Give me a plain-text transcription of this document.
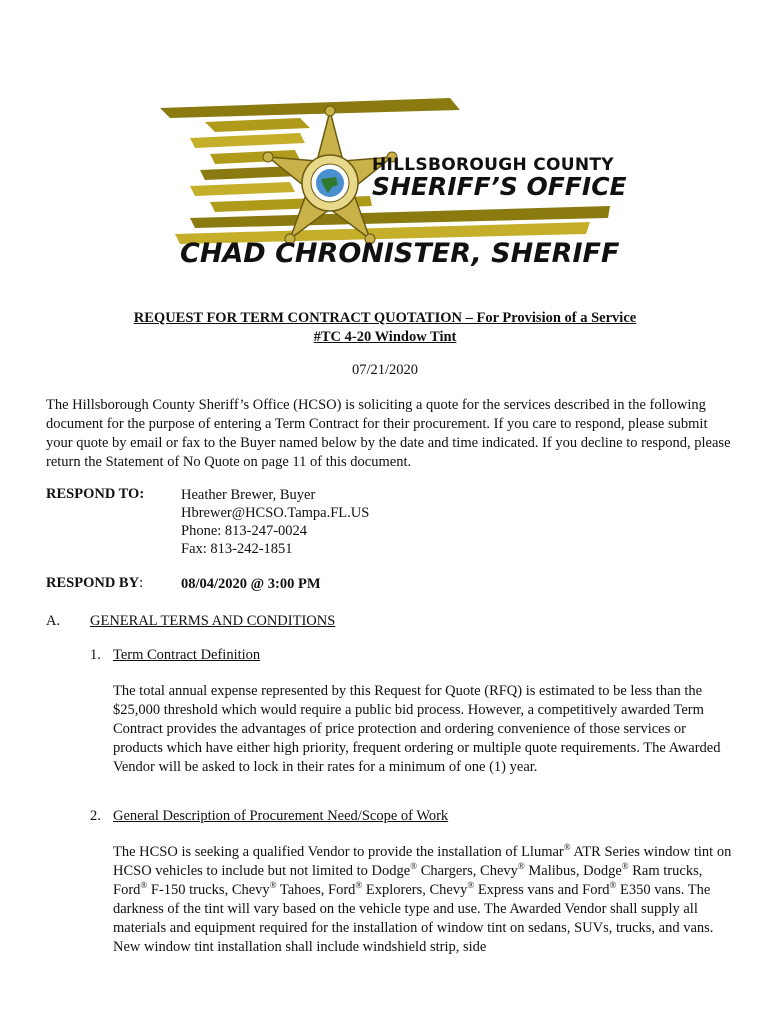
HILLSBOROUGH COUNTY
SHERIFF’S OFFICE
CHAD CHRONISTER, SHERIFF
REQUEST FOR TERM CONTRACT QUOTATION – For Provision of a Service
#TC 4-20 Window Tint
07/21/2020

The Hillsborough County Sheriff’s Office (HCSO) is soliciting a quote for the services described in the following document for the purpose of entering a Term Contract for their procurement. If you care to respond, please submit your quote by email or fax to the Buyer named below by the date and time indicated. If you decline to respond, please return the Statement of No Quote on page 11 of this document.

RESPOND TO:	Heather Brewer, Buyer
Hbrewer@HCSO.Tampa.FL.US
Phone: 813-247-0024
Fax: 813-242-1851
RESPOND BY:	08/04/2020 @ 3:00 PM
A. GENERAL TERMS AND CONDITIONS
1. Term Contract Definition

The total annual expense represented by this Request for Quote (RFQ) is estimated to be less than the $25,000 threshold which would require a public bid process. However, a competitively awarded Term Contract provides the advantages of price protection and ordering convenience of those services or products which have either high priority, frequent ordering or multiple quote requirements. The Awarded Vendor will be asked to lock in their rates for a minimum of one (1) year.

2. General Description of Procurement Need/Scope of Work

The HCSO is seeking a qualified Vendor to provide the installation of Llumar® ATR Series window tint on HCSO vehicles to include but not limited to Dodge® Chargers, Chevy® Malibus, Dodge® Ram trucks, Ford® F-150 trucks, Chevy® Tahoes, Ford® Explorers, Chevy® Express vans and Ford® E350 vans. The darkness of the tint will vary based on the vehicle type and use. The Awarded Vendor shall supply all materials and equipment required for the installation of window tint on sedans, SUVs, trucks, and vans. New window tint installation shall include windshield strip, side
